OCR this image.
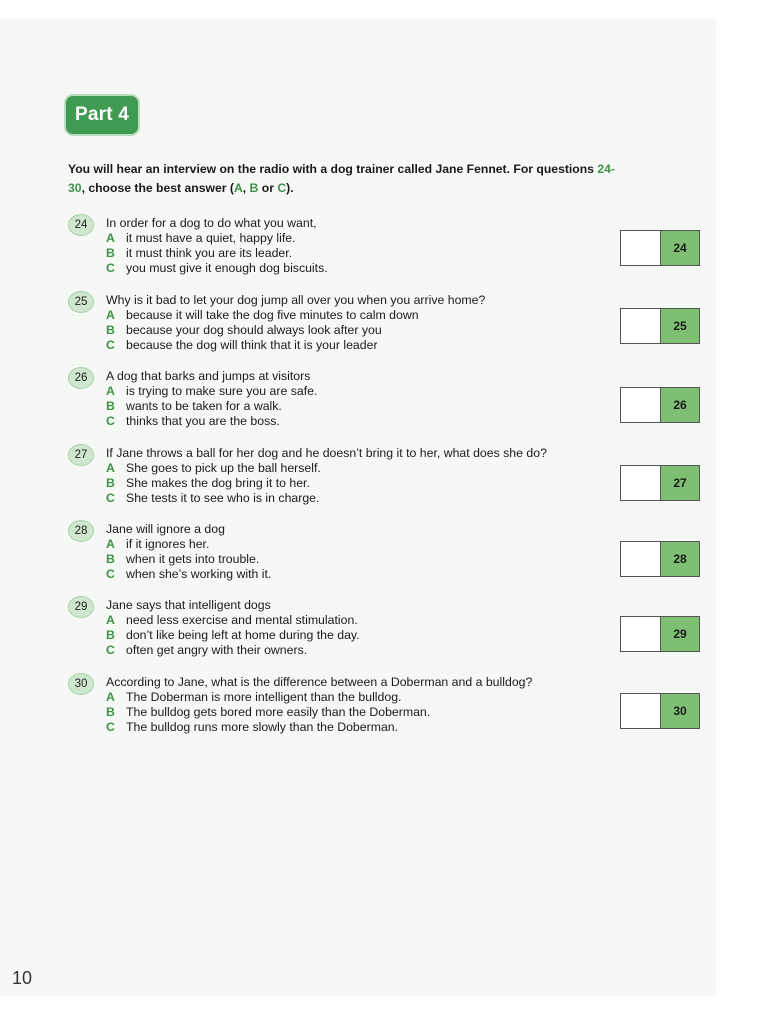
Part 4
You will hear an interview on the radio with a dog trainer called Jane Fennet. For questions 24-
30, choose the best answer (A, B or C).
24	In order for a dog to do what you want,
A it must have a quiet, happy life.
B it must think you are its leader.
C you must give it enough dog biscuits.
24
25	Why is it bad to let your dog jump all over you when you arrive home?
A because it will take the dog five minutes to calm down
B because your dog should always look after you
C because the dog will think that it is your leader
25
26	A dog that barks and jumps at visitors
A is trying to make sure you are safe.
B wants to be taken for a walk.
C thinks that you are the boss.
26
27	If Jane throws a ball for her dog and he doesn’t bring it to her, what does she do?
A She goes to pick up the ball herself.
B She makes the dog bring it to her.
C She tests it to see who is in charge.
27
28	Jane will ignore a dog
A if it ignores her.
B when it gets into trouble.
C when she’s working with it.
28
29	Jane says that intelligent dogs
A need less exercise and mental stimulation.
B don’t like being left at home during the day.
C often get angry with their owners.
29
30	According to Jane, what is the difference between a Doberman and a bulldog?
A The Doberman is more intelligent than the bulldog.
B The bulldog gets bored more easily than the Doberman.
C The bulldog runs more slowly than the Doberman.
30
10
